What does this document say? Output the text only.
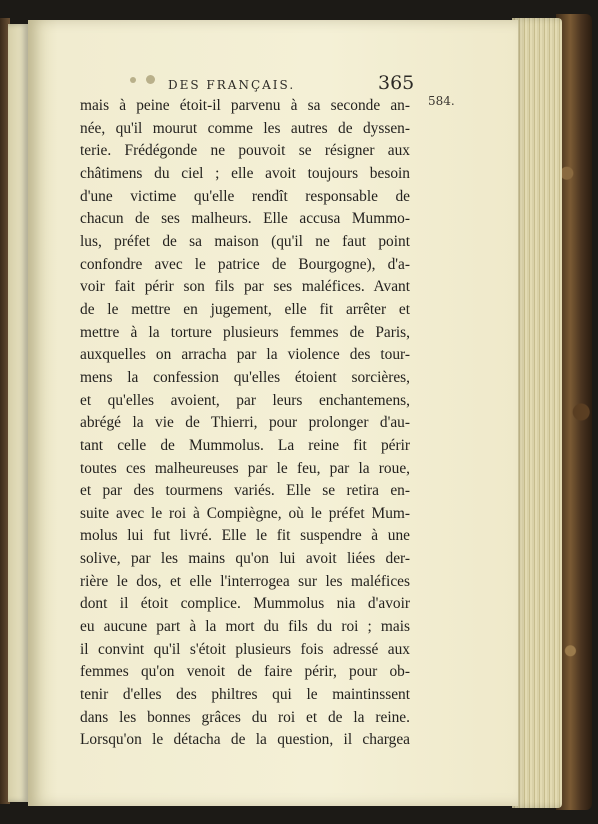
DES FRANÇAIS.	365
584.
mais à peine étoit-il parvenu à sa seconde an-
née, qu'il mourut comme les autres de dyssen-
terie. Frédégonde ne pouvoit se résigner aux
châtimens du ciel ; elle avoit toujours besoin
d'une victime qu'elle rendît responsable de
chacun de ses malheurs. Elle accusa Mummo-
lus, préfet de sa maison (qu'il ne faut point
confondre avec le patrice de Bourgogne), d'a-
voir fait périr son fils par ses maléfices. Avant
de le mettre en jugement, elle fit arrêter et
mettre à la torture plusieurs femmes de Paris,
auxquelles on arracha par la violence des tour-
mens la confession qu'elles étoient sorcières,
et qu'elles avoient, par leurs enchantemens,
abrégé la vie de Thierri, pour prolonger d'au-
tant celle de Mummolus. La reine fit périr
toutes ces malheureuses par le feu, par la roue,
et par des tourmens variés. Elle se retira en-
suite avec le roi à Compiègne, où le préfet Mum-
molus lui fut livré. Elle le fit suspendre à une
solive, par les mains qu'on lui avoit liées der-
rière le dos, et elle l'interrogea sur les maléfices
dont il étoit complice. Mummolus nia d'avoir
eu aucune part à la mort du fils du roi ; mais
il convint qu'il s'étoit plusieurs fois adressé aux
femmes qu'on venoit de faire périr, pour ob-
tenir d'elles des philtres qui le maintinssent
dans les bonnes grâces du roi et de la reine.
Lorsqu'on le détacha de la question, il chargea
